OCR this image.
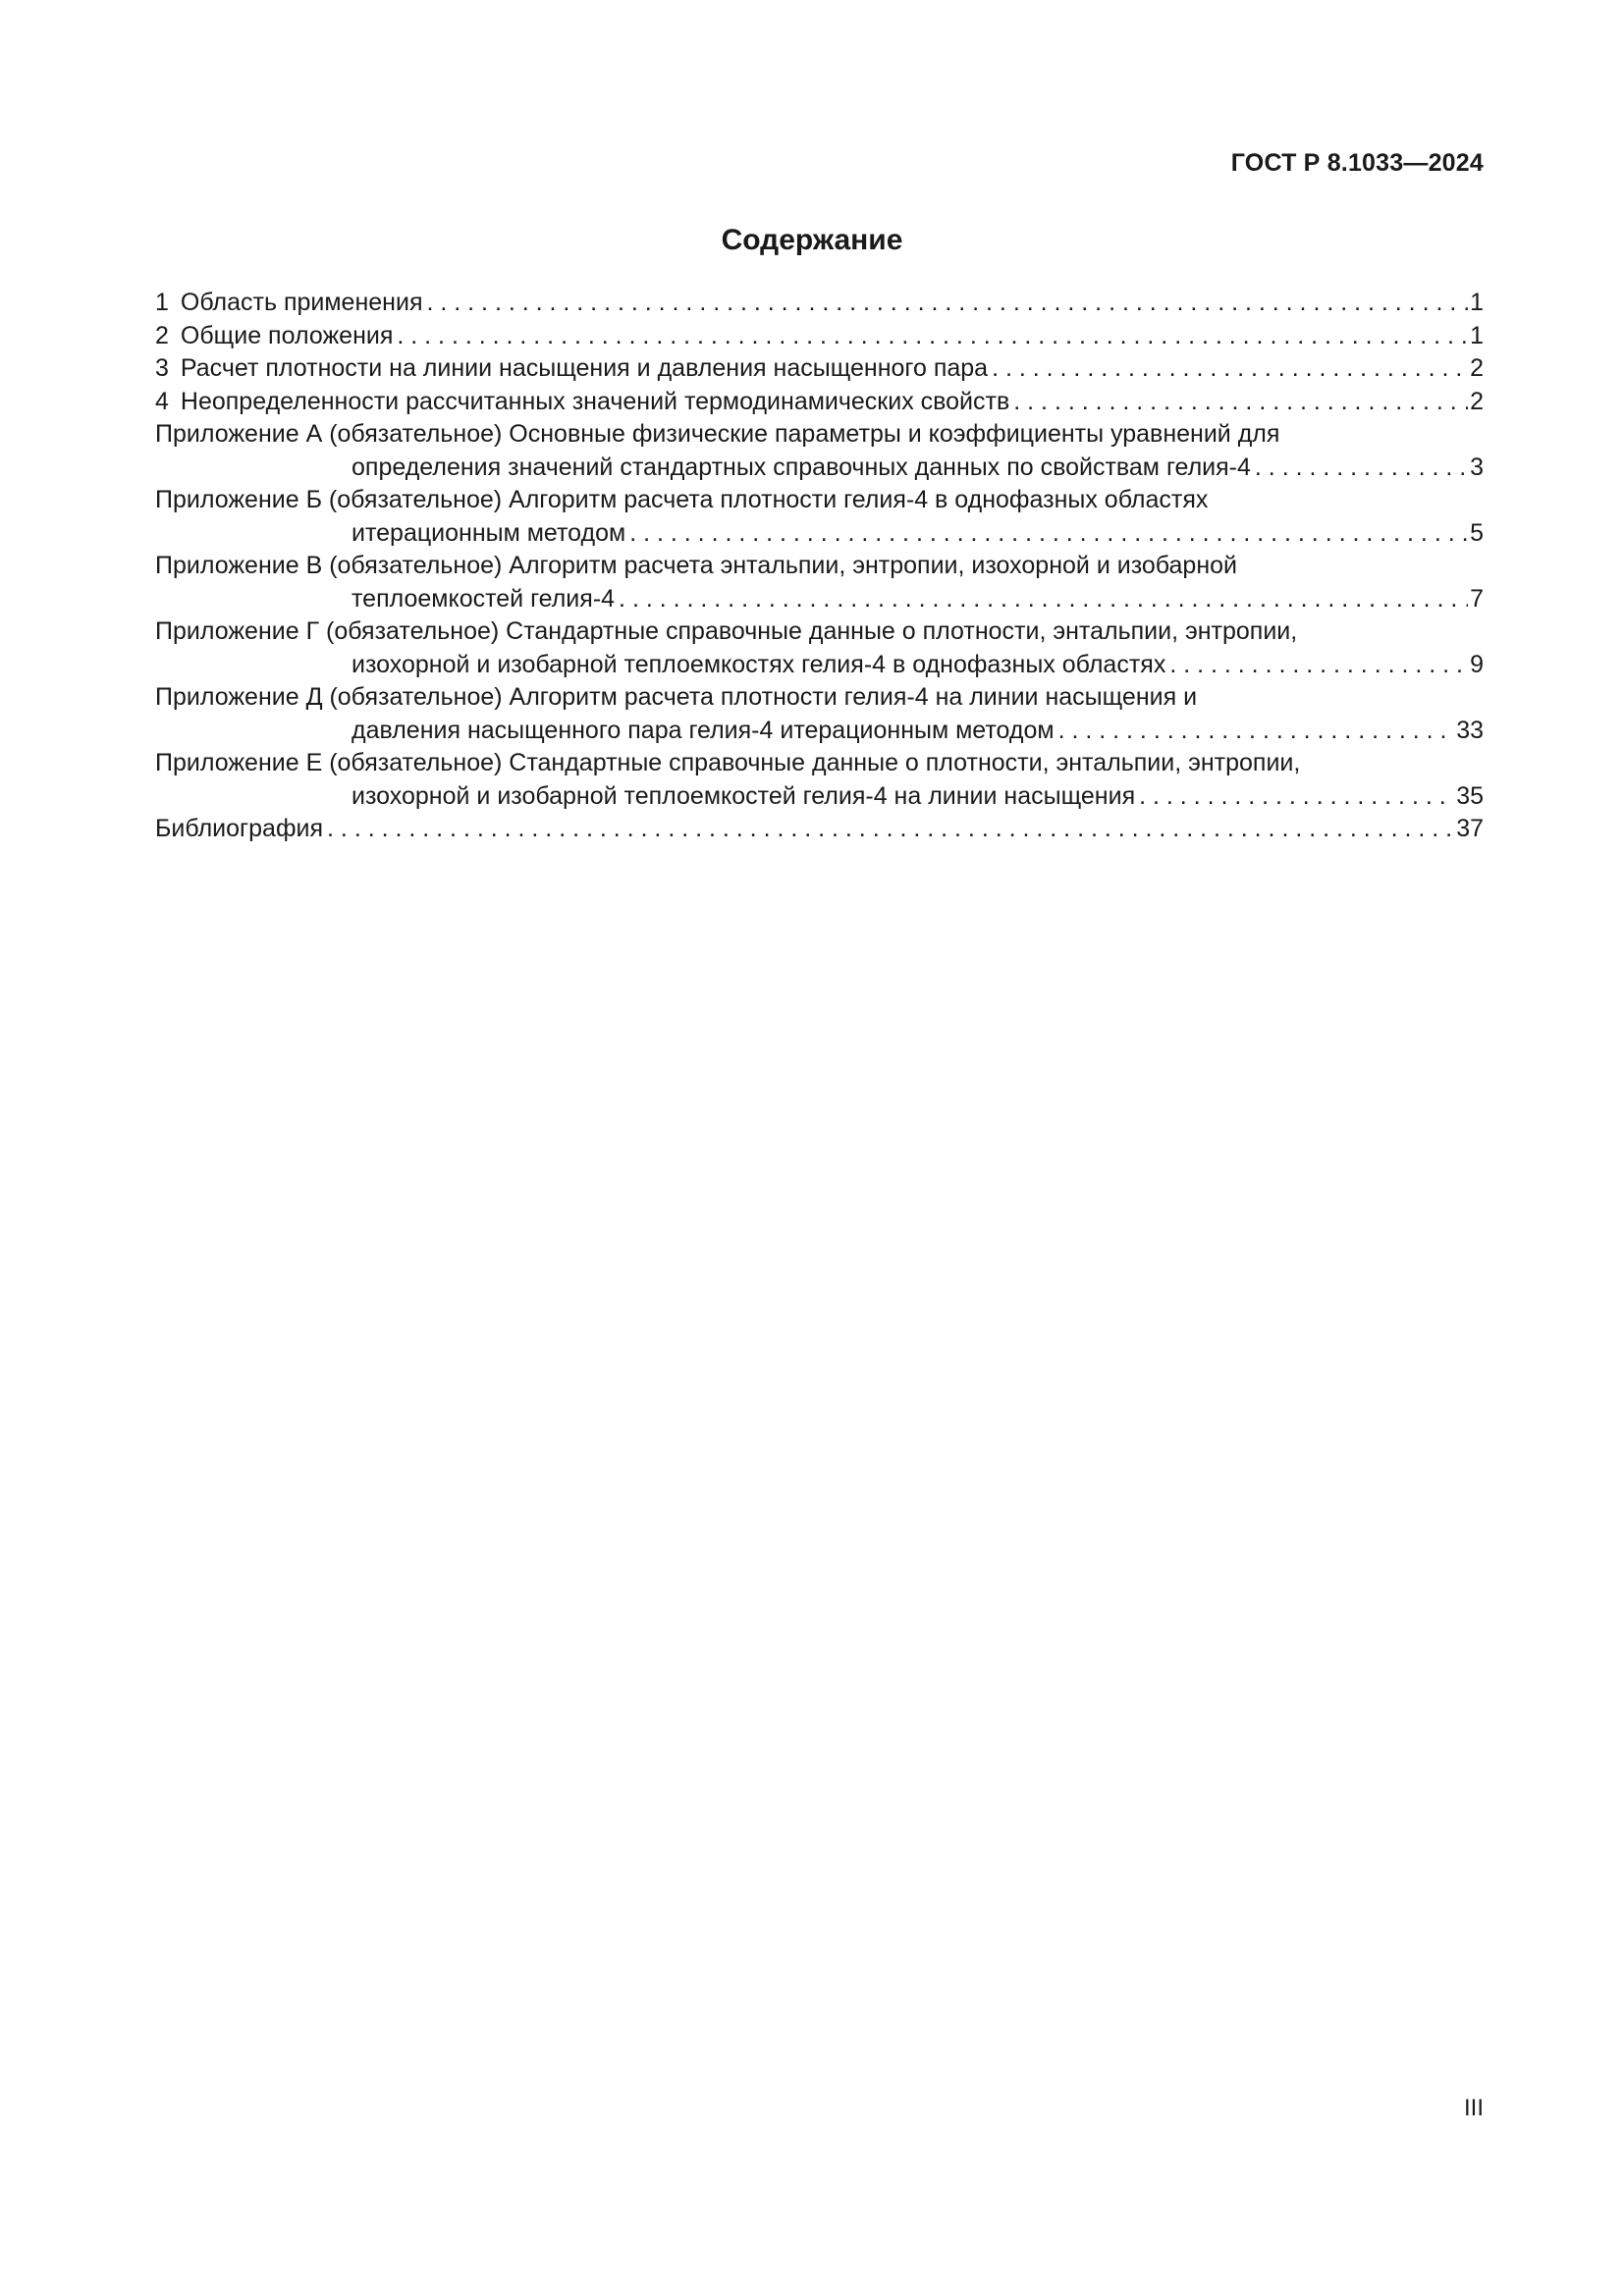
ГОСТ Р 8.1033—2024
Содержание
1 Область применения . . .	1
2 Общие положения . . .	1
3 Расчет плотности на линии насыщения и давления насыщенного пара . . .	2
4 Неопределенности рассчитанных значений термодинамических свойств . . .	2
Приложение А (обязательное) Основные физические параметры и коэффициенты уравнений для
определения значений стандартных справочных данных по свойствам гелия-4 . . .	3
Приложение Б (обязательное) Алгоритм расчета плотности гелия-4 в однофазных областях
итерационным методом . . .	5
Приложение В (обязательное) Алгоритм расчета энтальпии, энтропии, изохорной и изобарной
теплоемкостей гелия-4 . . .	7
Приложение Г (обязательное) Стандартные справочные данные о плотности, энтальпии, энтропии,
изохорной и изобарной теплоемкостях гелия-4 в однофазных областях . . .	9
Приложение Д (обязательное) Алгоритм расчета плотности гелия-4 на линии насыщения и
давления насыщенного пара гелия-4 итерационным методом . . .	33
Приложение Е (обязательное) Стандартные справочные данные о плотности, энтальпии, энтропии,
изохорной и изобарной теплоемкостей гелия-4 на линии насыщения . . .	35
Библиография . . .	37
III
